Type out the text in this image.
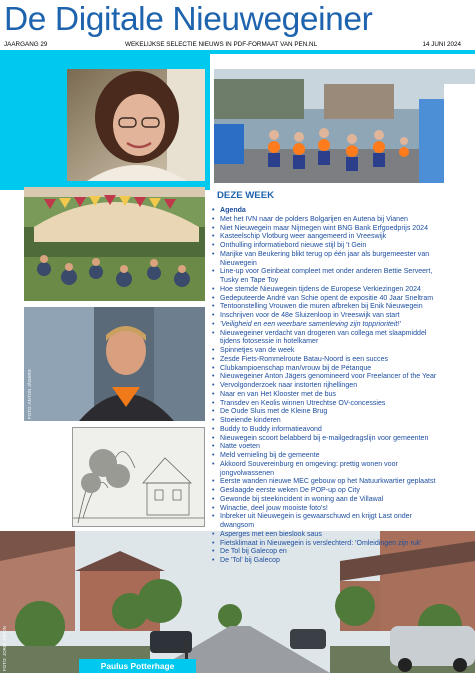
De Digitale Nieuwegeiner
JAARGANG 29	WEKELIJKSE SELECTIE NIEUWS IN PDF-FORMAAT VAN PEN.NL	14 JUNI 2024
FOTO: ANTON JÄGERS
FOTO: JORDI JUPIJN
DEZE WEEK
• Agenda
• Met het IVN naar de polders Bolgarijen en Autena bij Vianen
• Niet Nieuwegein maar Nijmegen wint BNG Bank Erfgoedprijs 2024
• Kasteelschip Vlotburg weer aangemeerd in Vreeswijk
• Onthulling informatiebord nieuwe stijl bij 't Gein
• Marijke van Beukering blikt terug op één jaar als burgemeester van
Nieuwegein
• Line-up voor Geinbeat compleet met onder anderen Bettie Serveert,
Tusky en Tape Toy
• Hoe stemde Nieuwegein tijdens de Europese Verkiezingen 2024
• Gedeputeerde André van Schie opent de expositie 40 Jaar Sneltram
• Tentoonstelling Vrouwen die muren afbreken bij Enik Nieuwegein
• Inschrijven voor de 48e Sluizenloop in Vreeswijk van start
• 'Veiligheid en een weerbare samenleving zijn topprioriteit!'
• Nieuwegeiner verdacht van drogeren van collega met slaapmiddel
tijdens fotosessie in hotelkamer
• Spinnetjes van de week
• Zesde Fiets-Rommelroute Batau-Noord is een succes
• Clubkampioenschap man/vrouw bij de Pétanque
• Nieuwegeiner Anton Jägers genomineerd voor Freelancer of the Year
• Vervolgonderzoek naar instorten rijhellingen
• Naar en van Het Klooster met de bus
• Transdev en Keolis winnen Utrechtse OV-concessies
• De Oude Sluis met de Kleine Brug
• Stoeiende kinderen
• Buddy to Buddy informatieavond
• Nieuwegein scoort belabberd bij e-mailgedragslijn voor gemeenten
• Natte voeten
• Meld vernieling bij de gemeente
• Akkoord Souvereinburg en omgeving: prettig wonen voor
jongvolwassenen
• Eerste wanden nieuwe MEC gebouw op het Natuurkwartier geplaatst
• Geslaagde eerste weken De POP-up op City
• Gewonde bij steekincident in woning aan de Villawal
• Winactie, deel jouw mooiste foto's!
• Inbreker uit Nieuwegein is gewaarschuwd en krijgt Last onder
dwangsom
• Asperges met een bieslook saus
• Fietsklimaat in Nieuwegein is verslechterd: 'Omleidingen zijn ruk'
• De Tol bij Galecop en
• De 'Tol' bij Galecop
Paulus Potterhage
